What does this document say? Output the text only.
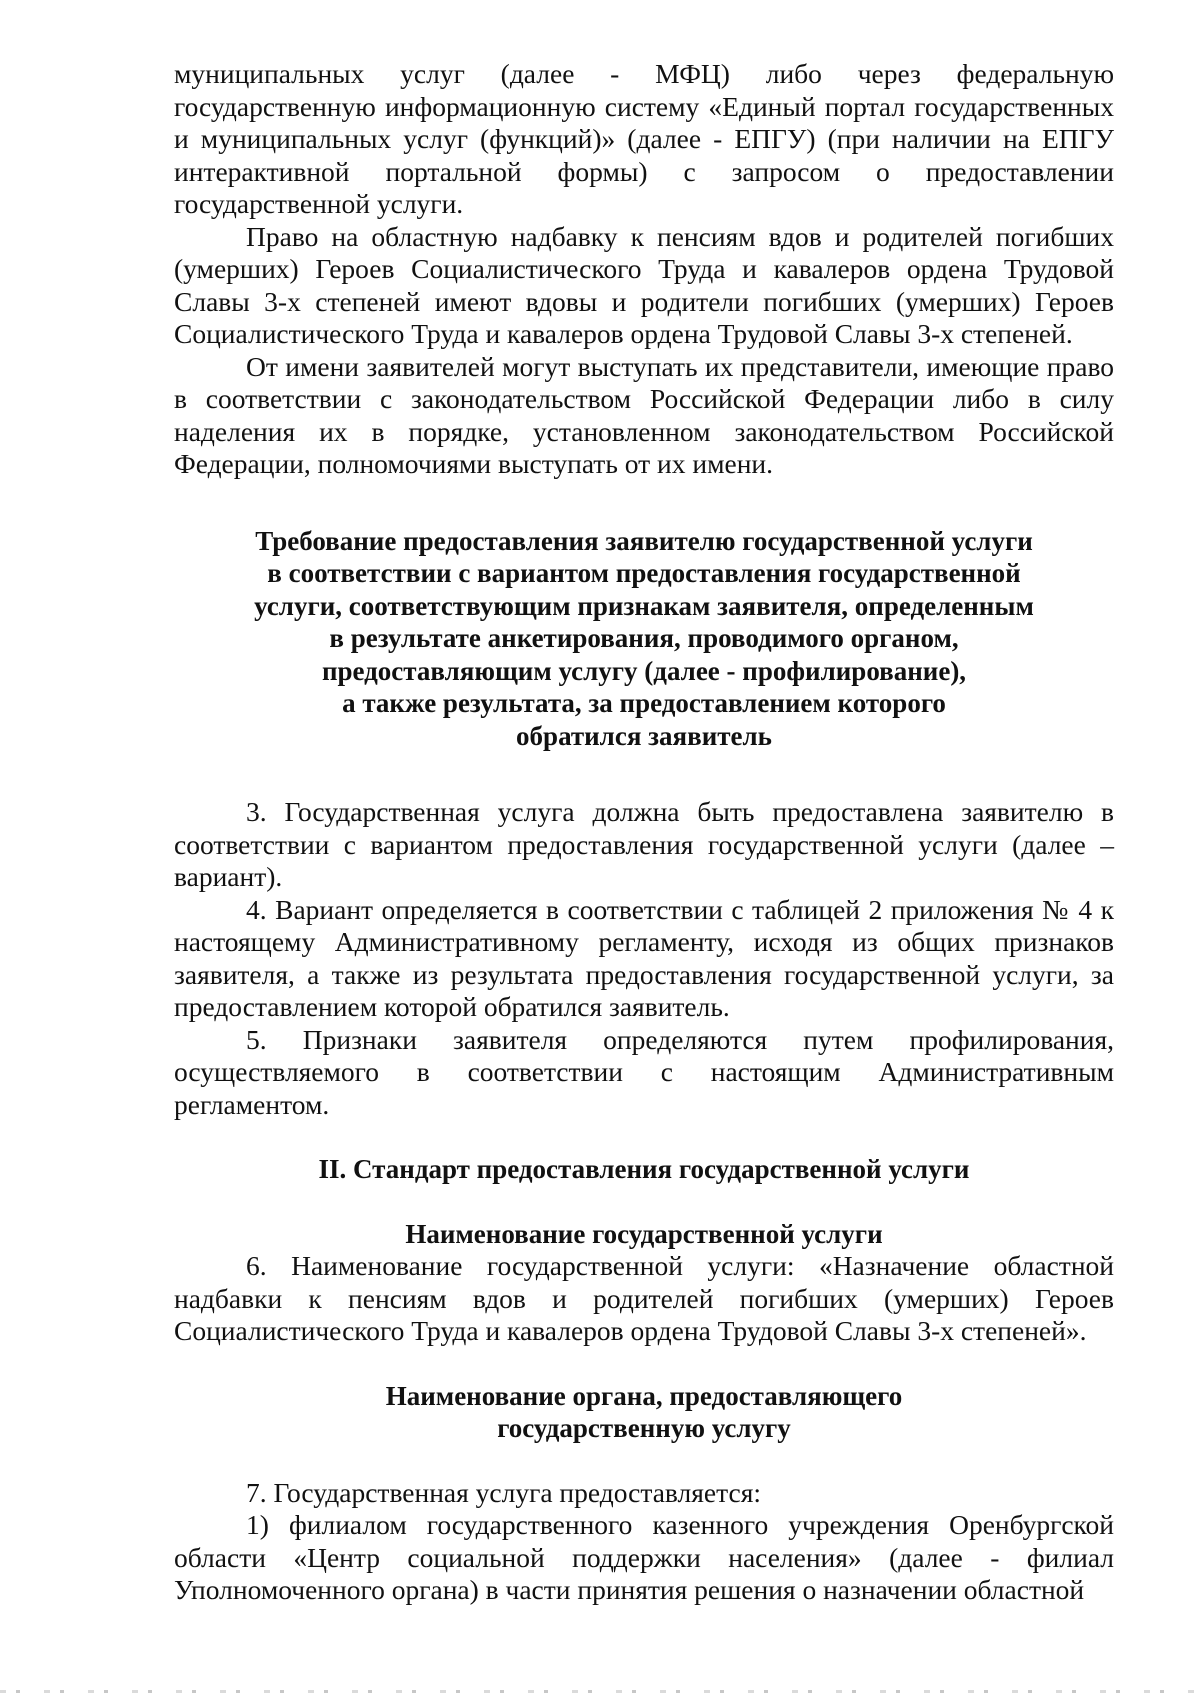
муниципальных услуг (далее - МФЦ) либо через федеральную государственную информационную систему «Единый портал государственных и муниципальных услуг (функций)» (далее - ЕПГУ) (при наличии на ЕПГУ интерактивной портальной формы) с запросом о предоставлении государственной услуги.

Право на областную надбавку к пенсиям вдов и родителей погибших (умерших) Героев Социалистического Труда и кавалеров ордена Трудовой Славы 3-х степеней имеют вдовы и родители погибших (умерших) Героев Социалистического Труда и кавалеров ордена Трудовой Славы 3-х степеней.

От имени заявителей могут выступать их представители, имеющие право в соответствии с законодательством Российской Федерации либо в силу наделения их в порядке, установленном законодательством Российской Федерации, полномочиями выступать от их имени.

Требование предоставления заявителю государственной услуги
в соответствии с вариантом предоставления государственной
услуги, соответствующим признакам заявителя, определенным
в результате анкетирования, проводимого органом,
предоставляющим услугу (далее - профилирование),
а также результата, за предоставлением которого
обратился заявитель

3. Государственная услуга должна быть предоставлена заявителю в соответствии с вариантом предоставления государственной услуги (далее – вариант).

4. Вариант определяется в соответствии с таблицей 2 приложения № 4 к настоящему Административному регламенту, исходя из общих признаков заявителя, а также из результата предоставления государственной услуги, за предоставлением которой обратился заявитель.

5. Признаки заявителя определяются путем профилирования, осуществляемого в соответствии с настоящим Административным регламентом.

II. Стандарт предоставления государственной услуги
Наименование государственной услуги

6. Наименование государственной услуги: «Назначение областной надбавки к пенсиям вдов и родителей погибших (умерших) Героев Социалистического Труда и кавалеров ордена Трудовой Славы 3-х степеней».

Наименование органа, предоставляющего
государственную услугу

7. Государственная услуга предоставляется:

1) филиалом государственного казенного учреждения Оренбургской области «Центр социальной поддержки населения» (далее - филиал Уполномоченного органа) в части принятия решения о назначении областной
